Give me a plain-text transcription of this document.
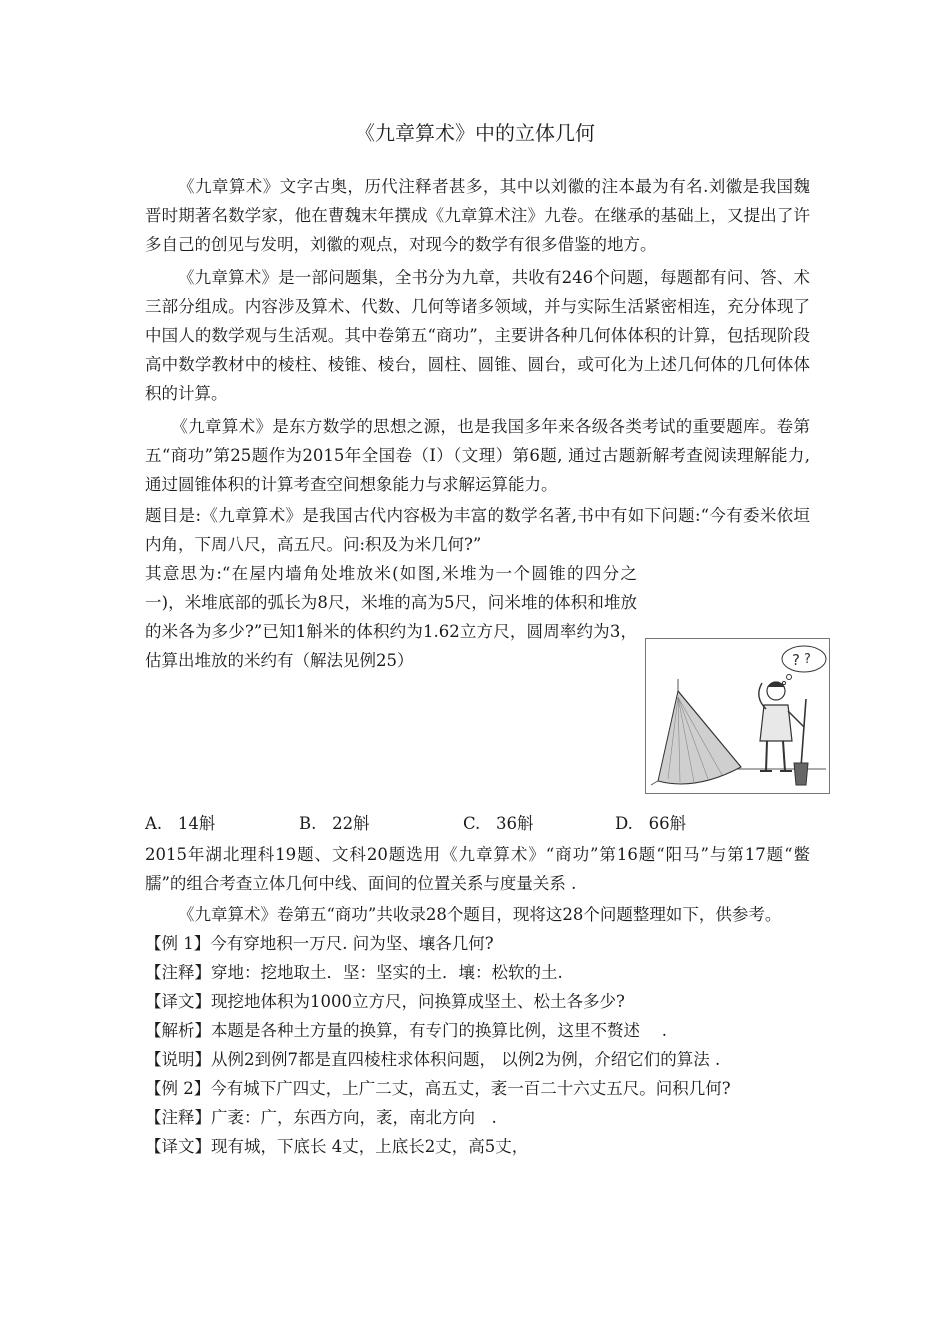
《九章算术》中的立体几何

《九章算术》文字古奥，历代注释者甚多，其中以刘徽的注本最为有名.刘徽是我国魏晋时期著名数学家，他在曹魏末年撰成《九章算术注》九卷。在继承的基础上，又提出了许多自己的创见与发明，刘徽的观点，对现今的数学有很多借鉴的地方。

《九章算术》是一部问题集，全书分为九章，共收有246个问题，每题都有问、答、术三部分组成。内容涉及算术、代数、几何等诸多领域，并与实际生活紧密相连，充分体现了中国人的数学观与生活观。其中卷第五“商功”，主要讲各种几何体体积的计算，包括现阶段高中数学教材中的棱柱、棱锥、棱台，圆柱、圆锥、圆台，或可化为上述几何体的几何体体积的计算。

《九章算术》是东方数学的思想之源，也是我国多年来各级各类考试的重要题库。卷第五“商功”第25题作为2015年全国卷（Ⅰ）（文理）第6题, 通过古题新解考查阅读理解能力,通过圆锥体积的计算考查空间想象能力与求解运算能力。

题目是:《九章算术》是我国古代内容极为丰富的数学名著,书中有如下问题:“今有委米依垣内角，下周八尺，高五尺。问:积及为米几何?”

其意思为:“在屋内墙角处堆放米(如图,米堆为一个圆锥的四分之一)，米堆底部的弧长为8尺，米堆的高为5尺，问米堆的体积和堆放的米各为多少?”已知1斛米的体积约为1.62立方尺，圆周率约为3，估算出堆放的米约有（解法见例25）	? ?
A. 14斛	B. 22斛	C. 36斛	D. 66斛

2015年湖北理科19题、文科20题选用《九章算术》“商功”第16题“阳马”与第17题“鳖臑”的组合考查立体几何中线、面间的位置关系与度量关系 .

《九章算术》卷第五“商功”共收录28个题目，现将这28个问题整理如下，供参考。

【例 1】今有穿地积一万尺. 问为坚、壤各几何?

【注释】穿地：挖地取土．坚：坚实的土．壤：松软的土.

【译文】现挖地体积为1000立方尺，问换算成坚土、松土各多少?

【解析】本题是各种土方量的换算，有专门的换算比例，这里不赘述　 .

【说明】从例2到例7都是直四棱柱求体积问题， 以例2为例，介绍它们的算法 .

【例 2】今有城下广四丈，上广二丈，高五丈，袤一百二十六丈五尺。问积几何?

【注释】广袤：广，东西方向，袤，南北方向　.

【译文】现有城，下底长 4丈，上底长2丈，高5丈，
